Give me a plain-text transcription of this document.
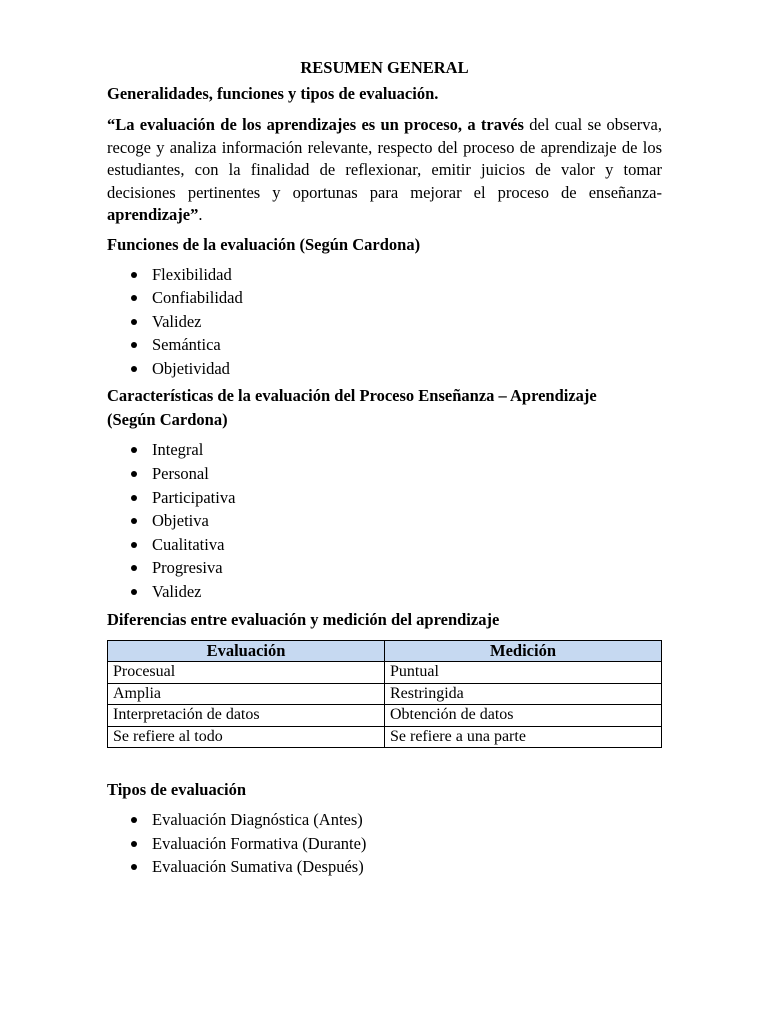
RESUMEN GENERAL
Generalidades, funciones y tipos de evaluación.
“La evaluación de los aprendizajes es un proceso, a través del cual se observa, recoge y analiza información relevante, respecto del proceso de aprendizaje de los estudiantes, con la finalidad de reflexionar, emitir juicios de valor y tomar decisiones pertinentes y oportunas para mejorar el proceso de enseñanza-aprendizaje”.
Funciones de la evaluación (Según Cardona)
Flexibilidad
Confiabilidad
Validez
Semántica
Objetividad
Características de la evaluación del Proceso Enseñanza – Aprendizaje
(Según Cardona)
Integral
Personal
Participativa
Objetiva
Cualitativa
Progresiva
Validez
Diferencias entre evaluación y medición del aprendizaje
Evaluación	Medición
Procesual	Puntual
Amplia	Restringida
Interpretación de datos	Obtención de datos
Se refiere al todo	Se refiere a una parte
Tipos de evaluación
Evaluación Diagnóstica (Antes)
Evaluación Formativa (Durante)
Evaluación Sumativa (Después)
